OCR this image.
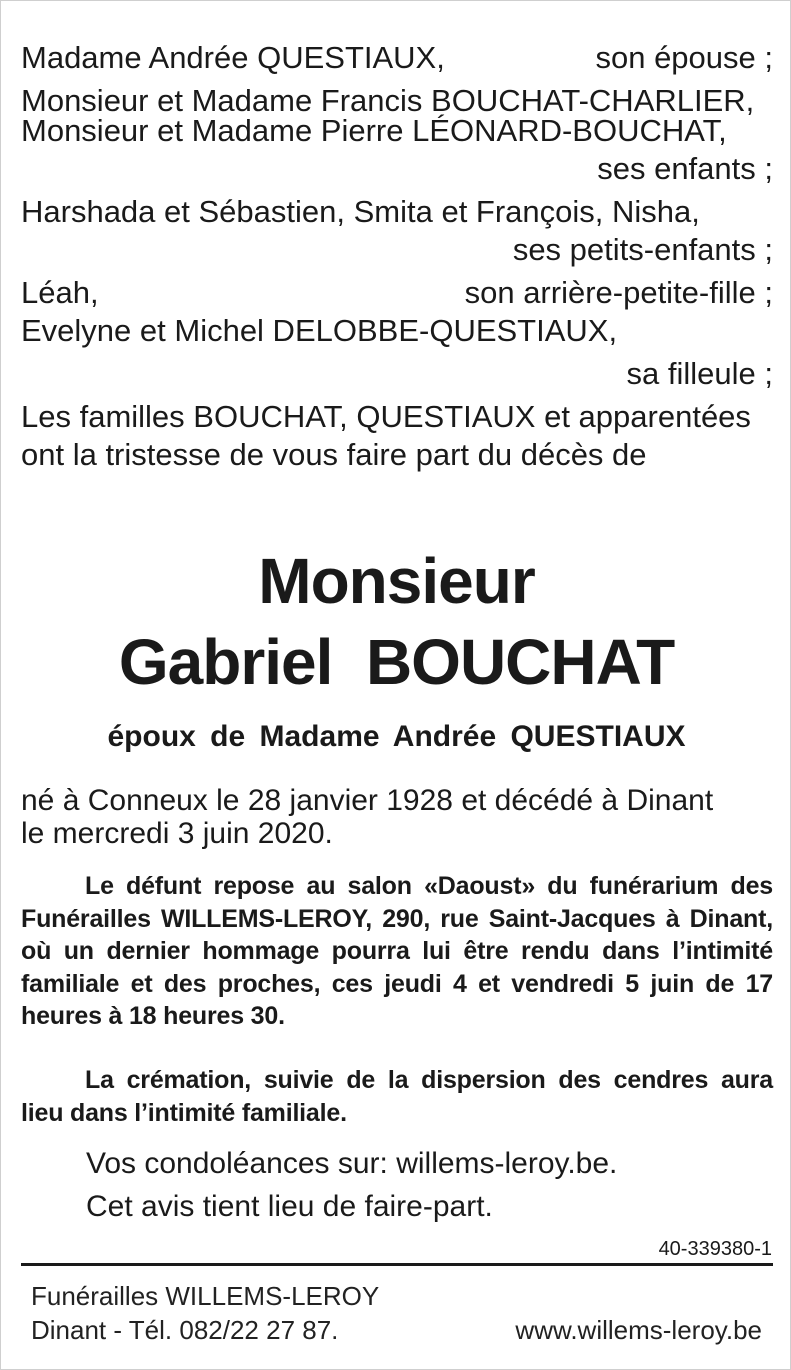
Madame Andrée QUESTIAUX,	son épouse ;
Monsieur et Madame Francis BOUCHAT-CHARLIER,
Monsieur et Madame Pierre LÉONARD-BOUCHAT,
ses enfants ;
Harshada et Sébastien, Smita et François, Nisha,
ses petits-enfants ;
Léah,	son arrière-petite-fille ;
Evelyne et Michel DELOBBE-QUESTIAUX,
sa filleule ;
Les familles BOUCHAT, QUESTIAUX et apparentées
ont la tristesse de vous faire part du décès de
Monsieur
Gabriel  BOUCHAT
époux de Madame Andrée QUESTIAUX
né à Conneux le 28 janvier 1928 et décédé à Dinant
le mercredi 3 juin 2020.
Le défunt repose au salon «Daoust» du funérarium des Funérailles WILLEMS-LEROY, 290, rue Saint-Jacques à Dinant, où un dernier hommage pourra lui être rendu dans l’intimité familiale et des proches, ces jeudi 4 et vendredi 5 juin de 17 heures à 18 heures 30.
La crémation, suivie de la dispersion des cendres aura lieu dans l’intimité familiale.
Vos condoléances sur: willems-leroy.be.
Cet avis tient lieu de faire-part.
40-339380-1
Funérailles WILLEMS-LEROY
Dinant - Tél. 082/22 27 87.	www.willems-leroy.be
